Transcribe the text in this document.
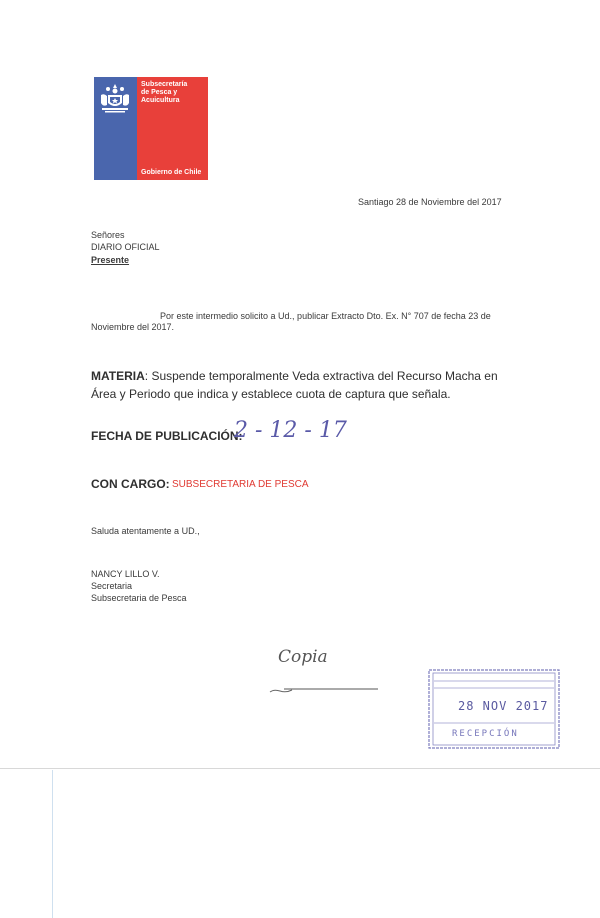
Subsecretaría
de Pesca y
Acuicultura
Gobierno de Chile
Santiago 28 de Noviembre del 2017
Señores
DIARIO OFICIAL
Presente
Por este intermedio solicito a Ud., publicar Extracto Dto. Ex. N° 707 de fecha 23 de
Noviembre del 2017.
MATERIA: Suspende temporalmente Veda extractiva del Recurso Macha en
Área y Periodo que indica y establece cuota de captura que señala.
FECHA DE PUBLICACIÓN:
2 - 12 - 17
CON CARGO: SUBSECRETARIA DE PESCA
Saluda atentamente a UD.,
NANCY LILLO V.
Secretaria
Subsecretaria de Pesca
Copia
28 NOV 2017
RECEPCIÓN
